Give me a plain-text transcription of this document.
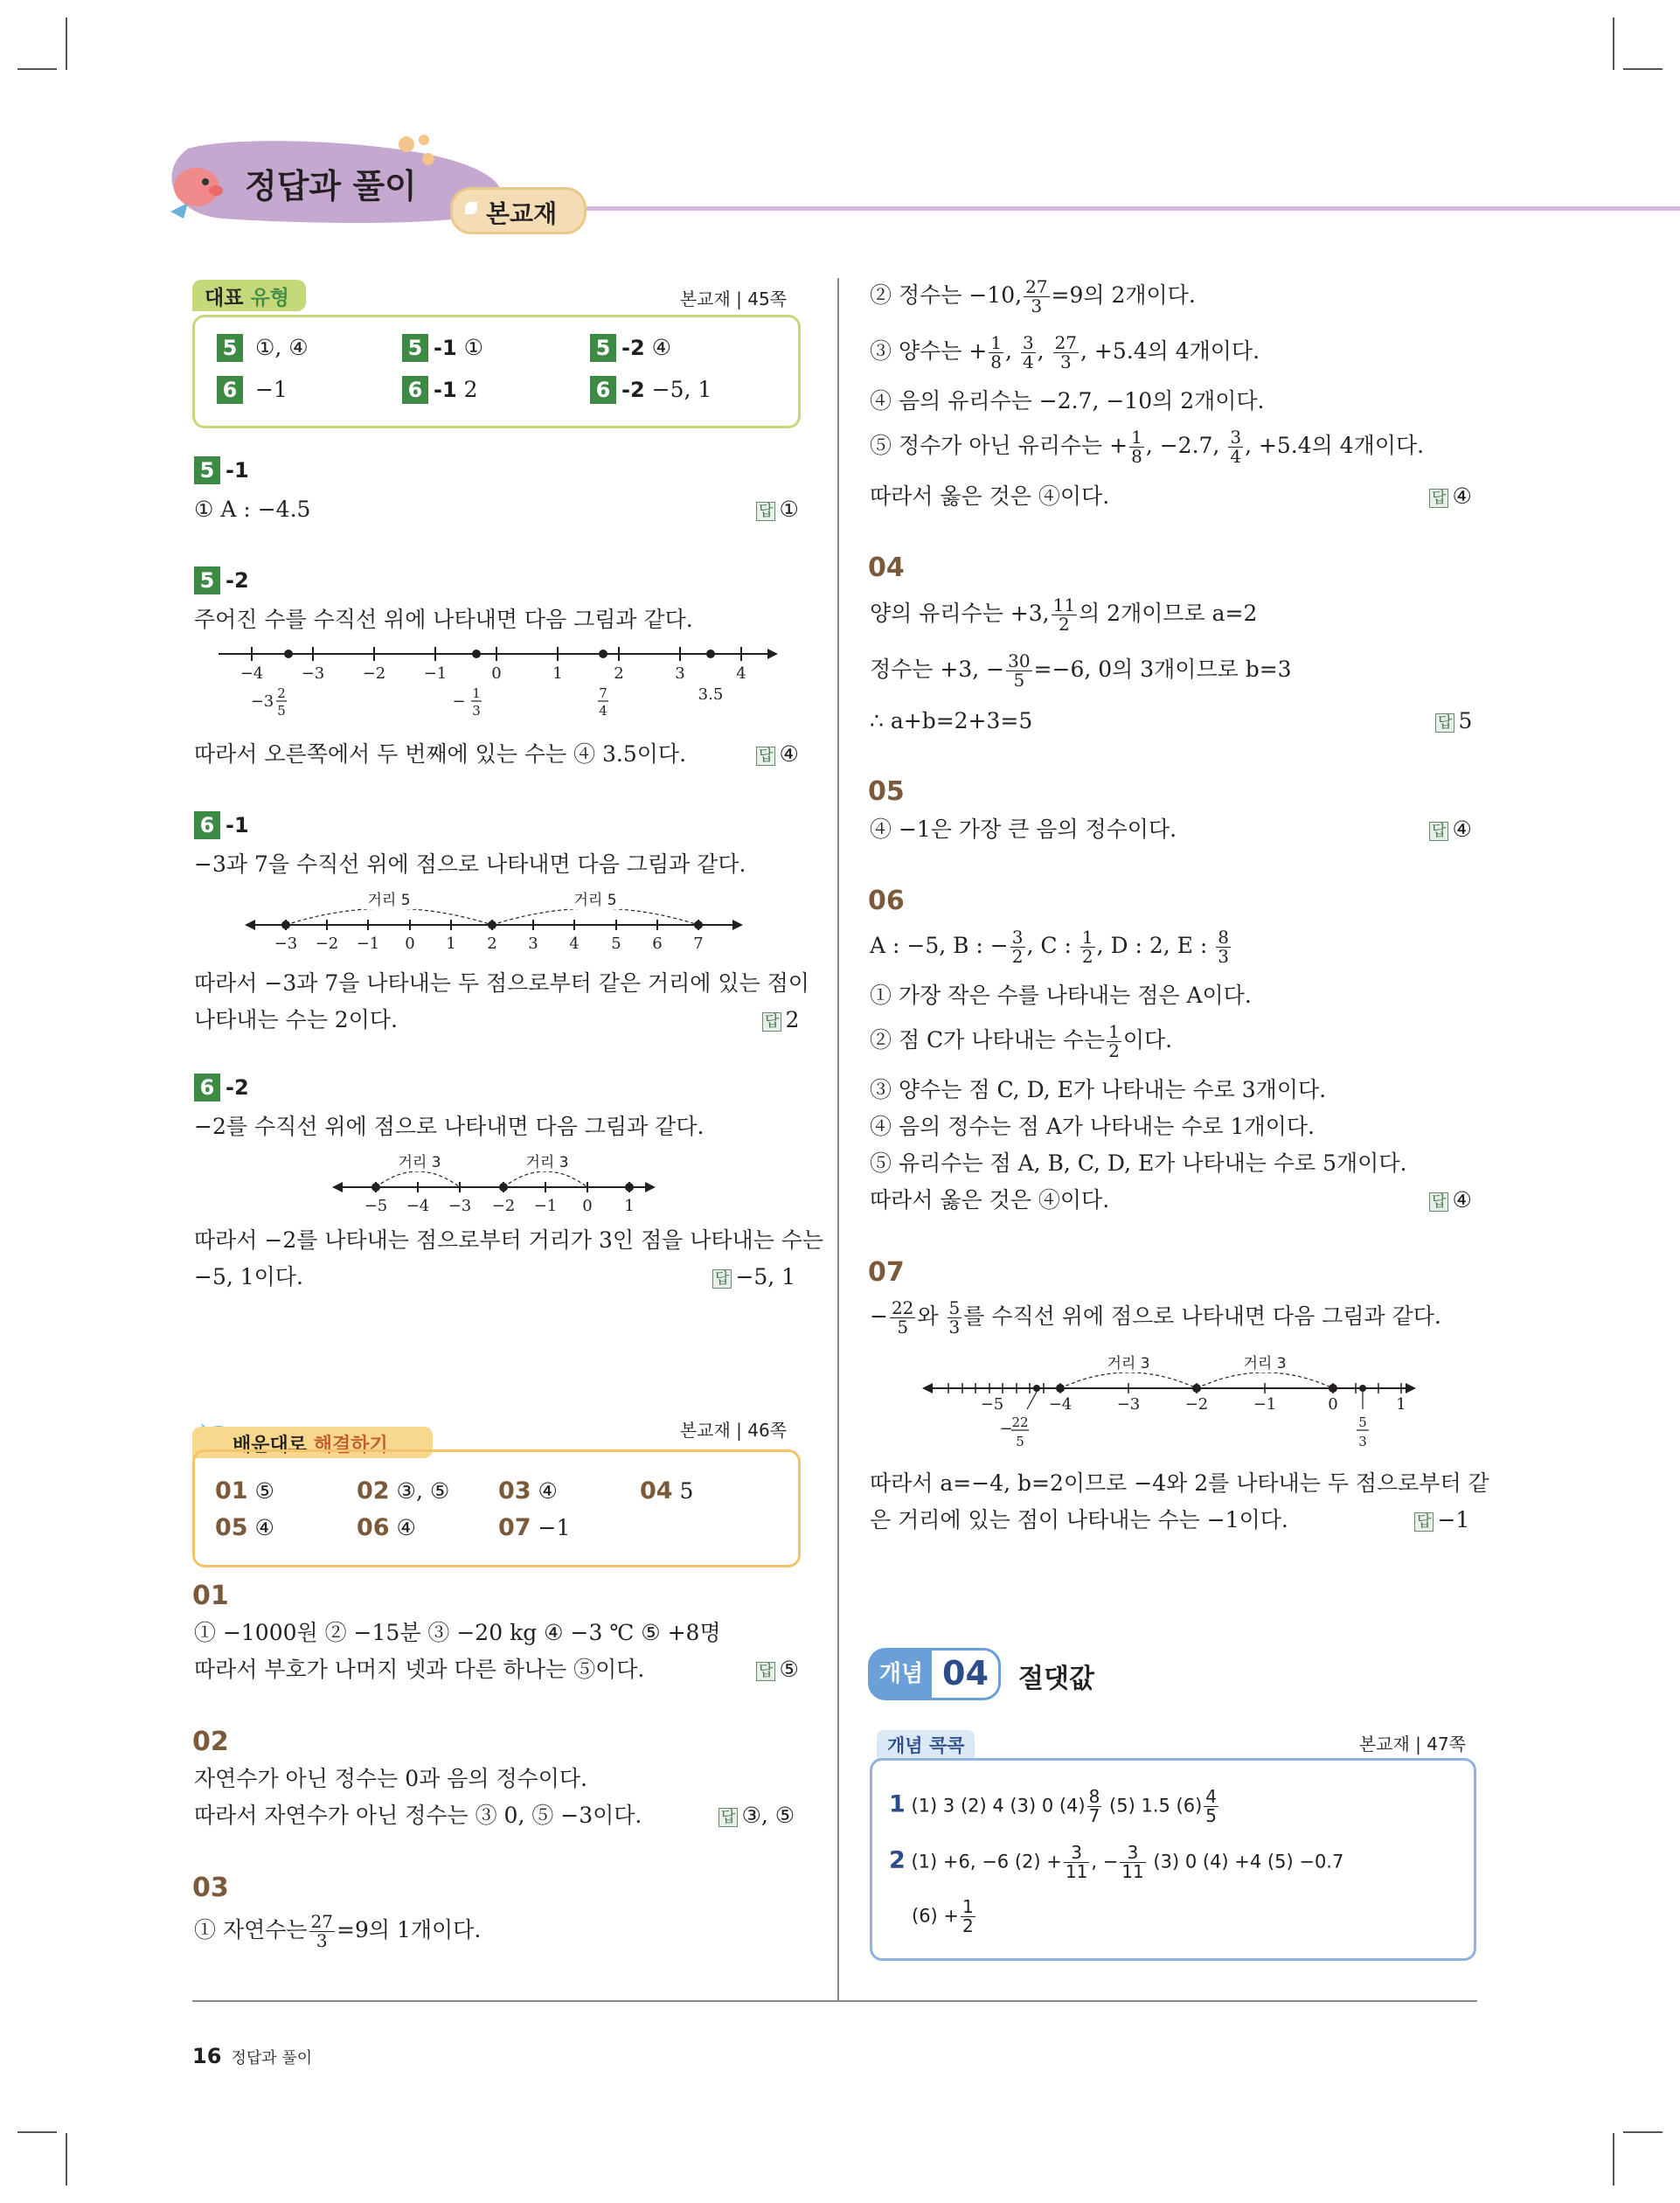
정답과 풀이
본교재
대표 유형	본교재 | 45쪽
5 ①, ④	5 -1 ①	5 -2 ④
6 −1	6 -1 2	6 -2 −5, 1
5 -1
① A : −4.5	답 ①
5 -2
주어진 수를 수직선 위에 나타내면 다음 그림과 같다.
−4 −3 −2 −1	0	1	2	3	4
−3 2
5	− 1
3
7
4
3.5
따라서 오른쪽에서 두 번째에 있는 수는 ④ 3.5이다.	답 ④
6 -1
−3과 7을 수직선 위에 점으로 나타내면 다음 그림과 같다.
거리 5	거리 5
−3 −2 −1 0 1 2 3 4 5 6 7
따라서 −3과 7을 나타내는 두 점으로부터 같은 거리에 있는 점이
나타내는 수는 2이다.	답 2
6 -2
−2를 수직선 위에 점으로 나타내면 다음 그림과 같다.
거리 3	거리 3
−5 −4 −3 −2 −1 0 1
따라서 −2를 나타내는 점으로부터 거리가 3인 점을 나타내는 수는
−5, 1이다.	답 −5, 1
배운대로 해결하기
본교재 | 46쪽
01 ⑤	02 ③, ⑤ 03 ④	04 5
05 ④	06 ④	07 −1
01
① −1000원 ② −15분 ③ −20 kg ④ −3 ℃ ⑤ +8명
따라서 부호가 나머지 넷과 다른 하나는 ⑤이다.	답 ⑤
02
자연수가 아닌 정수는 0과 음의 정수이다.
따라서 자연수가 아닌 정수는 ③ 0, ⑤ −3이다.	답 ③, ⑤
03
① 자연수는 $\frac{27}{3} =9$의 1개이다.
② 정수는 −10, $\frac{27}{3} =9$의 2개이다.
③ 양수는 + $\frac{1}{8}$ , $\frac{3}{4}$ , $\frac{27}{3}$ , +5.4의 4개이다.
④ 음의 유리수는 −2.7, −10의 2개이다.
⑤ 정수가 아닌 유리수는 + $\frac{1}{8}$ , −2.7, $\frac{3}{4}$ , +5.4의 4개이다.
따라서 옳은 것은 ④이다.	답 ④
04
양의 유리수는 +3, $\frac{11}{2}$ 의 2개이므로 a=2
정수는 +3, − $\frac{30}{5} =-6$, 0의 3개이므로 b=3
∴ a+b=2+3=5	답 5
05
④ −1은 가장 큰 음의 정수이다.	답 ④
06
A : −5, B : − $\frac{3}{2}$ , C : $\frac{1}{2}$ , D : 2, E : $\frac{8}{3}$
① 가장 작은 수를 나타내는 점은 A이다.
② 점 C가 나타내는 수는 $\frac{1}{2}$ 이다.
③ 양수는 점 C, D, E가 나타내는 수로 3개이다.
④ 음의 정수는 점 A가 나타내는 수로 1개이다.
⑤ 유리수는 점 A, B, C, D, E가 나타내는 수로 5개이다.
따라서 옳은 것은 ④이다.	답 ④
07
− $\frac{22}{5}$ 와 $\frac{5}{3}$ 를 수직선 위에 점으로 나타내면 다음 그림과 같다.
거리 3	거리 3
−5	−4	−3	−2	−1	0	1
−
22
5
5
3
따라서 a=−4, b=2이므로 −4와 2를 나타내는 두 점으로부터 같
은 거리에 있는 점이 나타내는 수는 −1이다.	답 −1
개념 04 절댓값
개념 콕콕	본교재 | 47쪽
1 (1) 3 (2) 4 (3) 0 $(4) \frac{8}{7} (5)$ 1.5 $(6) \frac{4}{5}$
2 (1) +6, −6 $(2) + \frac{3}{11}$ , − $\frac{3}{11} (3)$ 0 (4) +4 (5) −0.7
$(6) + \frac{1}{2}$
16 정답과 풀이
